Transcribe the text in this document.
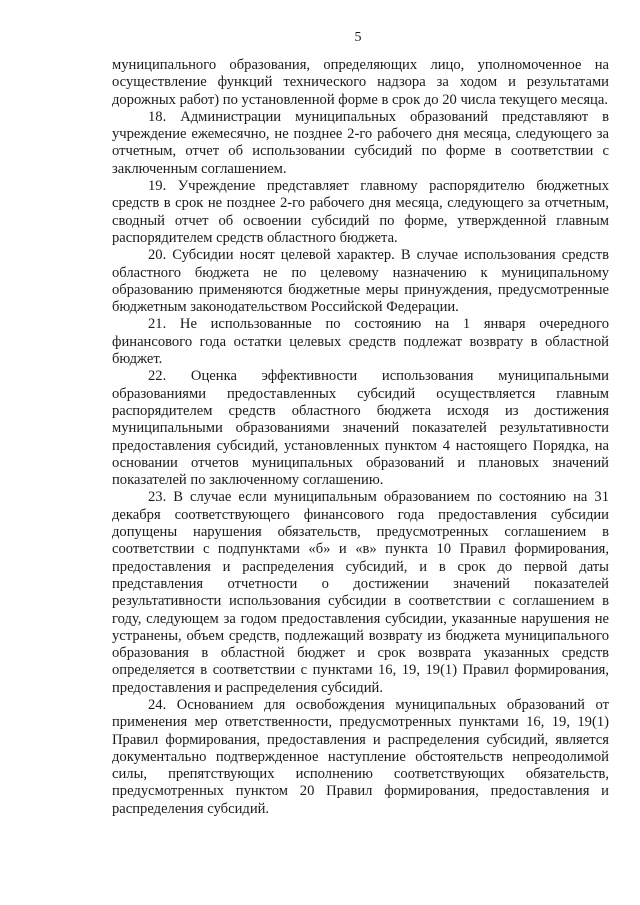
5

муниципального образования, определяющих лицо, уполномоченное на осуществление функций технического надзора за ходом и результатами дорожных работ) по установленной форме в срок до 20 числа текущего месяца.

18. Администрации муниципальных образований представляют в учреждение ежемесячно, не позднее 2-го рабочего дня месяца, следующего за отчетным, отчет об использовании субсидий по форме в соответствии с заключенным соглашением.

19. Учреждение представляет главному распорядителю бюджетных средств в срок не позднее 2-го рабочего дня месяца, следующего за отчетным, сводный отчет об освоении субсидий по форме, утвержденной главным распорядителем средств областного бюджета.

20. Субсидии носят целевой характер. В случае использования средств областного бюджета не по целевому назначению к муниципальному образованию применяются бюджетные меры принуждения, предусмотренные бюджетным законодательством Российской Федерации.

21. Не использованные по состоянию на 1 января очередного финансового года остатки целевых средств подлежат возврату в областной бюджет.

22. Оценка эффективности использования муниципальными образованиями предоставленных субсидий осуществляется главным распорядителем средств областного бюджета исходя из достижения муниципальными образованиями значений показателей результативности предоставления субсидий, установленных пунктом 4 настоящего Порядка, на основании отчетов муниципальных образований и плановых значений показателей по заключенному соглашению.

23. В случае если муниципальным образованием по состоянию на 31 декабря соответствующего финансового года предоставления субсидии допущены нарушения обязательств, предусмотренных соглашением в соответствии с подпунктами «б» и «в» пункта 10 Правил формирования, предоставления и распределения субсидий, и в срок до первой даты представления отчетности о достижении значений показателей результативности использования субсидии в соответствии с соглашением в году, следующем за годом предоставления субсидии, указанные нарушения не устранены, объем средств, подлежащий возврату из бюджета муниципального образования в областной бюджет и срок возврата указанных средств определяется в соответствии с пунктами 16, 19, 19(1) Правил формирования, предоставления и распределения субсидий.

24. Основанием для освобождения муниципальных образований от применения мер ответственности, предусмотренных пунктами 16, 19, 19(1) Правил формирования, предоставления и распределения субсидий, является документально подтвержденное наступление обстоятельств непреодолимой силы, препятствующих исполнению соответствующих обязательств, предусмотренных пунктом 20 Правил формирования, предоставления и распределения субсидий.
